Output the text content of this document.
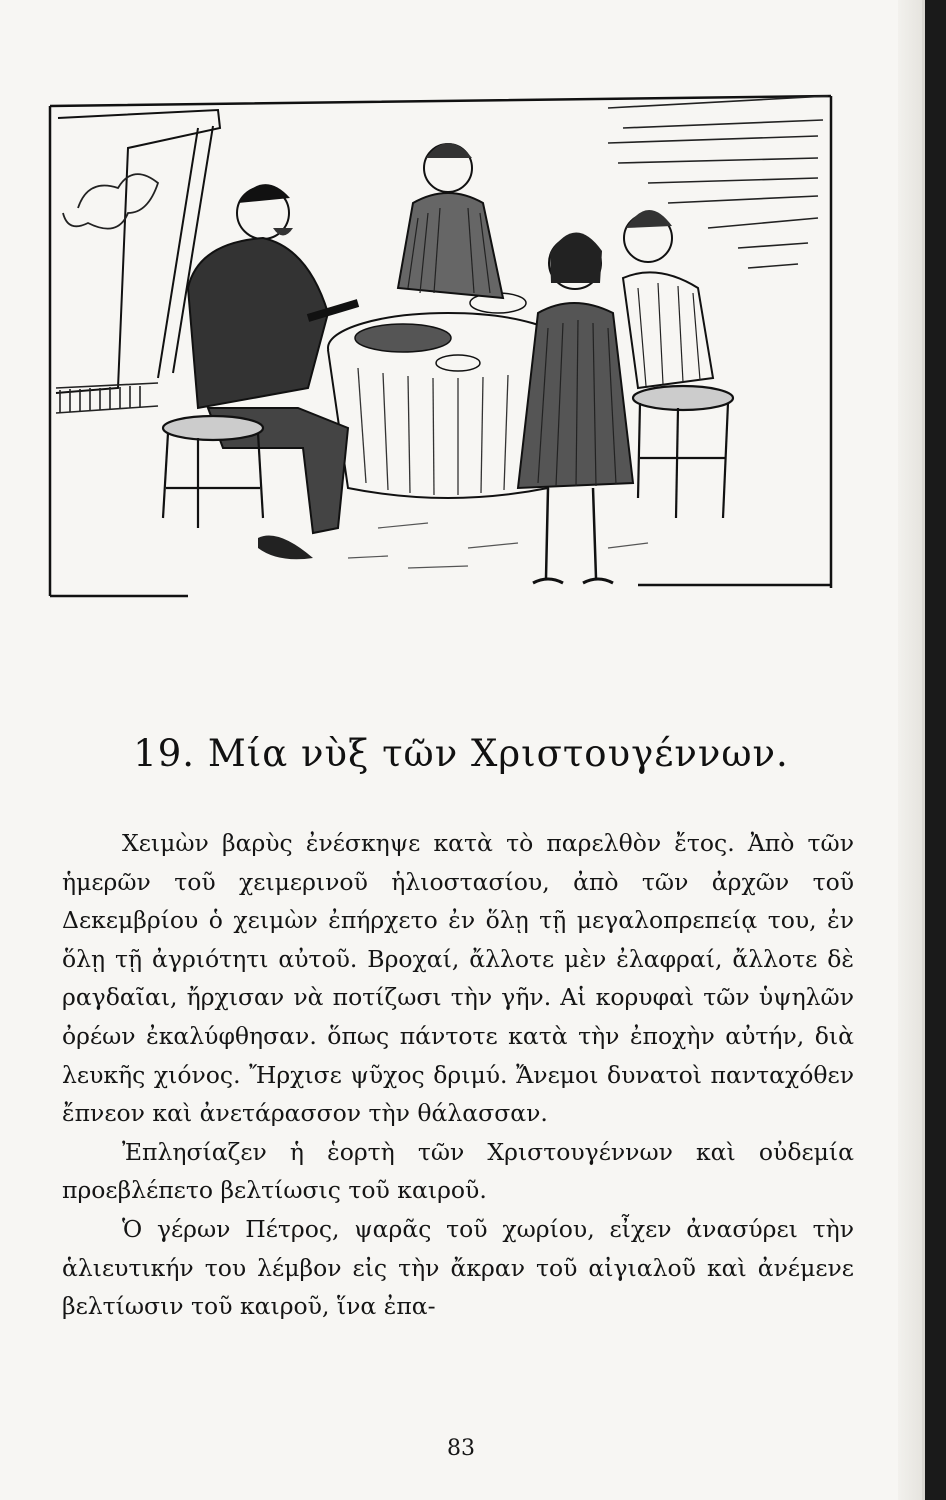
19. Μία νὺξ τῶν Χριστουγέννων.

Χειμὼν βαρὺς ἐνέσκηψε κατὰ τὸ παρελθὸν ἔτος. Ἀπὸ τῶν ἡμερῶν τοῦ χειμερινοῦ ἡλιοστασίου, ἀπὸ τῶν ἀρχῶν τοῦ Δεκεμβρίου ὁ χειμὼν ἐπήρχετο ἐν ὅλῃ τῇ μεγαλοπρεπείᾳ του, ἐν ὅλῃ τῇ ἀγριότητι αὐτοῦ. Βροχαί, ἄλλοτε μὲν ἐλαφραί, ἄλλοτε δὲ ραγδαῖαι, ἤρχισαν νὰ ποτίζωσι τὴν γῆν. Αἱ κορυφαὶ τῶν ὑψηλῶν ὀρέων ἐκαλύφθησαν. ὅπως πάντοτε κατὰ τὴν ἐποχὴν αὐτήν, διὰ λευκῆς χιόνος. Ἤρχισε ψῦχος δριμύ. Ἄνεμοι δυνατοὶ πανταχόθεν ἔπνεον καὶ ἀνετάρασσον τὴν θάλασσαν.

Ἐπλησίαζεν ἡ ἑορτὴ τῶν Χριστουγέννων καὶ οὐδεμία προεβλέπετο βελτίωσις τοῦ καιροῦ.

Ὁ γέρων Πέτρος, ψαρᾶς τοῦ χωρίου, εἶχεν ἀνασύρει τὴν ἁλιευτικήν του λέμβον εἰς τὴν ἄκραν τοῦ αἰγιαλοῦ καὶ ἀνέμενε βελτίωσιν τοῦ καιροῦ, ἵνα ἐπα-

83
